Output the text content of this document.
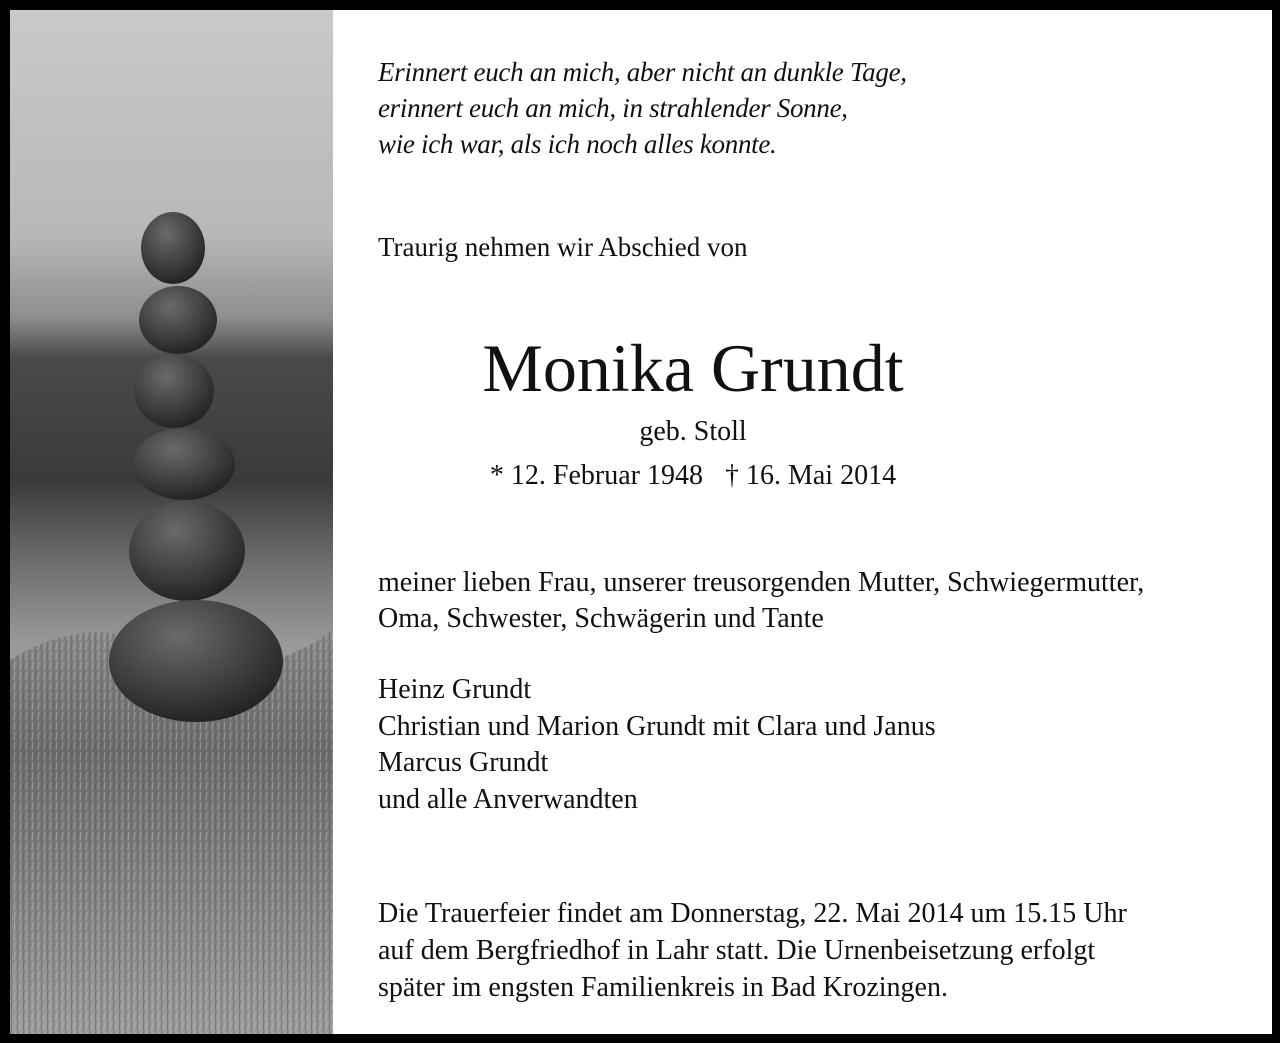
Erinnert euch an mich, aber nicht an dunkle Tage,
erinnert euch an mich, in strahlender Sonne,
wie ich war, als ich noch alles konnte.
Traurig nehmen wir Abschied von
Monika Grundt
geb. Stoll
* 12. Februar 1948 † 16. Mai 2014
meiner lieben Frau, unserer treusorgenden Mutter, Schwiegermutter,
Oma, Schwester, Schwägerin und Tante
Heinz Grundt
Christian und Marion Grundt mit Clara und Janus
Marcus Grundt
und alle Anverwandten
Die Trauerfeier findet am Donnerstag, 22. Mai 2014 um 15.15 Uhr
auf dem Bergfriedhof in Lahr statt. Die Urnenbeisetzung erfolgt
später im engsten Familienkreis in Bad Krozingen.
